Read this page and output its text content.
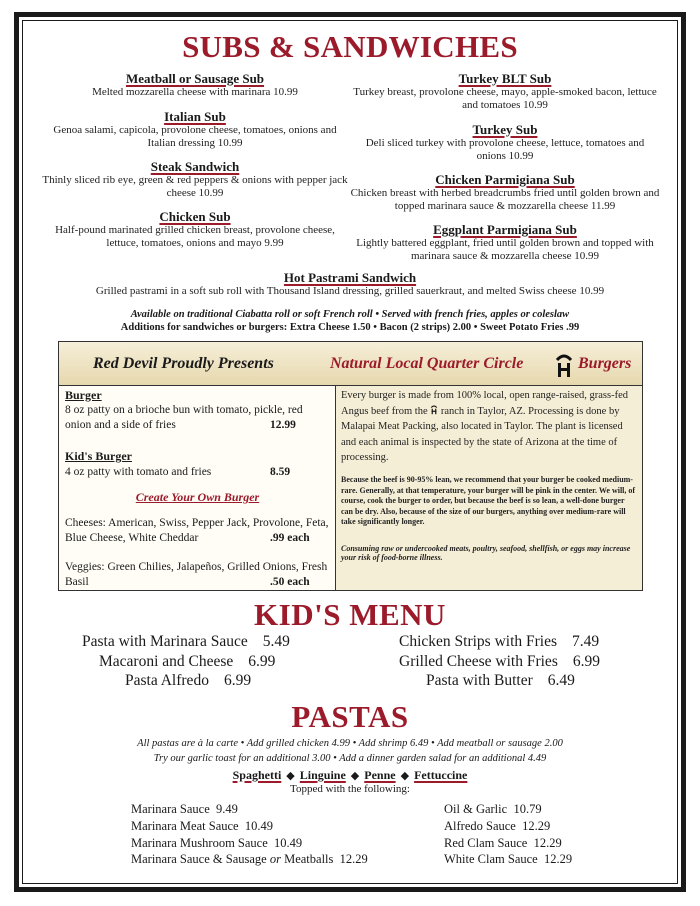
SUBS & SANDWICHES
Meatball or Sausage Sub
Melted mozzarella cheese with marinara 10.99
Italian Sub
Genoa salami, capicola, provolone cheese, tomatoes, onions and Italian dressing 10.99
Steak Sandwich
Thinly sliced rib eye, green & red peppers & onions with pepper jack cheese 10.99
Chicken Sub
Half-pound marinated grilled chicken breast, provolone cheese, lettuce, tomatoes, onions and mayo 9.99
Turkey BLT Sub
Turkey breast, provolone cheese, mayo, apple-smoked bacon, lettuce and tomatoes 10.99
Turkey Sub
Deli sliced turkey with provolone cheese, lettuce, tomatoes and onions 10.99
Chicken Parmigiana Sub
Chicken breast with herbed breadcrumbs fried until golden brown and topped marinara sauce & mozzarella cheese 11.99
Eggplant Parmigiana Sub
Lightly battered eggplant, fried until golden brown and topped with marinara sauce & mozzarella cheese 10.99
Hot Pastrami Sandwich
Grilled pastrami in a soft sub roll with Thousand Island dressing, grilled sauerkraut, and melted Swiss cheese 10.99
Available on traditional Ciabatta roll or soft French roll • Served with french fries, apples or coleslaw
Additions for sandwiches or burgers: Extra Cheese 1.50 • Bacon (2 strips) 2.00 • Sweet Potato Fries .99
Red Devil Proudly Presents	Natural Local Quarter Circle	Burgers
Burger
8 oz patty on a brioche bun with tomato, pickle, red onion and a side of fries	12.99
Kid's Burger
4 oz patty with tomato and fries	8.59
Create Your Own Burger
Cheeses: American, Swiss, Pepper Jack, Provolone, Feta, Blue Cheese, White Cheddar	.99 each
Veggies: Green Chilies, Jalapeños, Grilled Onions, Fresh Basil	.50 each
Every burger is made from 100% local, open range-raised, grass-fed Angus beef from the ranch in Taylor, AZ. Processing is done by Malapai Meat Packing, also located in Taylor. The plant is licensed and each animal is inspected by the state of Arizona at the time of processing.
Because the beef is 90-95% lean, we recommend that your burger be cooked medium-rare. Generally, at that temperature, your burger will be pink in the center. We will, of course, cook the burger to order, but because the beef is so lean, a well-done burger can be dry. Also, because of the size of our burgers, anything over medium-rare will take significantly longer.
Consuming raw or undercooked meats, poultry, seafood, shellfish, or eggs may increase your risk of food-borne illness.
KID'S MENU
Pasta with Marinara Sauce 5.49
Macaroni and Cheese 6.99
Pasta Alfredo 6.99
Chicken Strips with Fries 7.49
Grilled Cheese with Fries 6.99
Pasta with Butter 6.49
PASTAS
All pastas are à la carte • Add grilled chicken 4.99 • Add shrimp 6.49 • Add meatball or sausage 2.00
Try our garlic toast for an additional 3.00 • Add a dinner garden salad for an additional 4.49
Spaghetti ◆ Linguine ◆ Penne ◆ Fettuccine
Topped with the following:
Marinara Sauce 9.49
Marinara Meat Sauce 10.49
Marinara Mushroom Sauce 10.49
Marinara Sauce & Sausage or Meatballs 12.29
Oil & Garlic 10.79
Alfredo Sauce 12.29
Red Clam Sauce 12.29
White Clam Sauce 12.29
